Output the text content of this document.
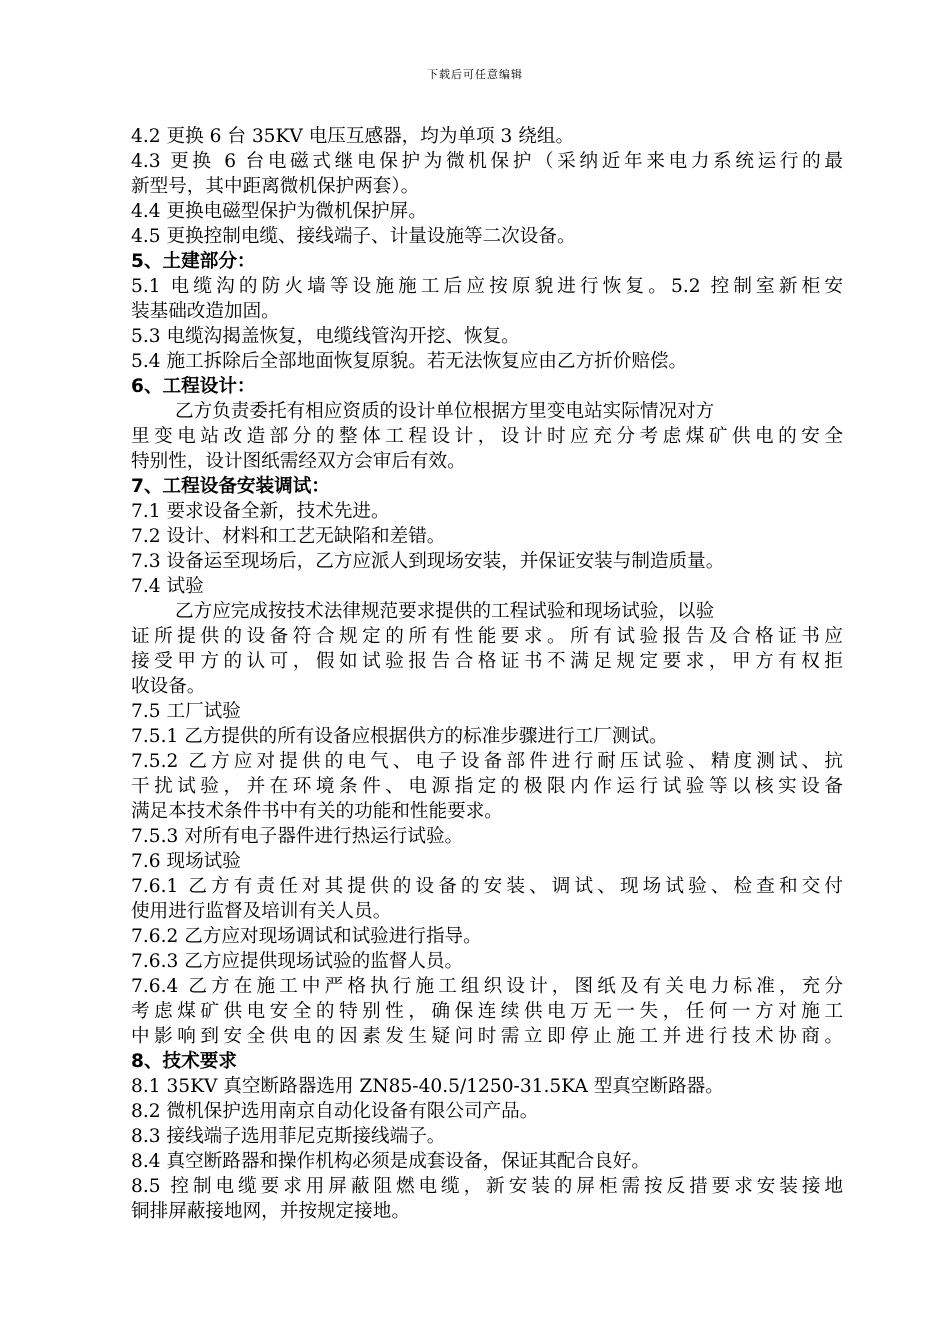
下载后可任意编辑
4.2 更换 6 台 35KV 电压互感器，均为单项 3 绕组。
4.3 更换 6 台电磁式继电保护为微机保护（采纳近年来电力系统运行的最
新型号，其中距离微机保护两套）。
4.4 更换电磁型保护为微机保护屏。
4.5 更换控制电缆、接线端子、计量设施等二次设备。
5、土建部分：
5.1 电缆沟的防火墙等设施施工后应按原貌进行恢复。5.2 控制室新柜安
装基础改造加固。
5.3 电缆沟揭盖恢复，电缆线管沟开挖、恢复。
5.4 施工拆除后全部地面恢复原貌。若无法恢复应由乙方折价赔偿。
6、工程设计：
乙方负责委托有相应资质的设计单位根据方里变电站实际情况对方
里变电站改造部分的整体工程设计，设计时应充分考虑煤矿供电的安全
特别性，设计图纸需经双方会审后有效。
7、工程设备安装调试：
7.1 要求设备全新，技术先进。
7.2 设计、材料和工艺无缺陷和差错。
7.3 设备运至现场后，乙方应派人到现场安装，并保证安装与制造质量。
7.4 试验
乙方应完成按技术法律规范要求提供的工程试验和现场试验，以验
证所提供的设备符合规定的所有性能要求。所有试验报告及合格证书应
接受甲方的认可，假如试验报告合格证书不满足规定要求，甲方有权拒
收设备。
7.5 工厂试验
7.5.1 乙方提供的所有设备应根据供方的标准步骤进行工厂测试。
7.5.2 乙方应对提供的电气、电子设备部件进行耐压试验、精度测试、抗
干扰试验，并在环境条件、电源指定的极限内作运行试验等以核实设备
满足本技术条件书中有关的功能和性能要求。
7.5.3 对所有电子器件进行热运行试验。
7.6 现场试验
7.6.1 乙方有责任对其提供的设备的安装、调试、现场试验、检查和交付
使用进行监督及培训有关人员。
7.6.2 乙方应对现场调试和试验进行指导。
7.6.3 乙方应提供现场试验的监督人员。
7.6.4 乙方在施工中严格执行施工组织设计，图纸及有关电力标准，充分
考虑煤矿供电安全的特别性，确保连续供电万无一失，任何一方对施工
中影响到安全供电的因素发生疑问时需立即停止施工并进行技术协商。
8、技术要求
8.1 35KV 真空断路器选用 ZN85-40.5/1250-31.5KA 型真空断路器。
8.2 微机保护选用南京自动化设备有限公司产品。
8.3 接线端子选用菲尼克斯接线端子。
8.4 真空断路器和操作机构必须是成套设备，保证其配合良好。
8.5 控制电缆要求用屏蔽阻燃电缆，新安装的屏柜需按反措要求安装接地
铜排屏蔽接地网，并按规定接地。
